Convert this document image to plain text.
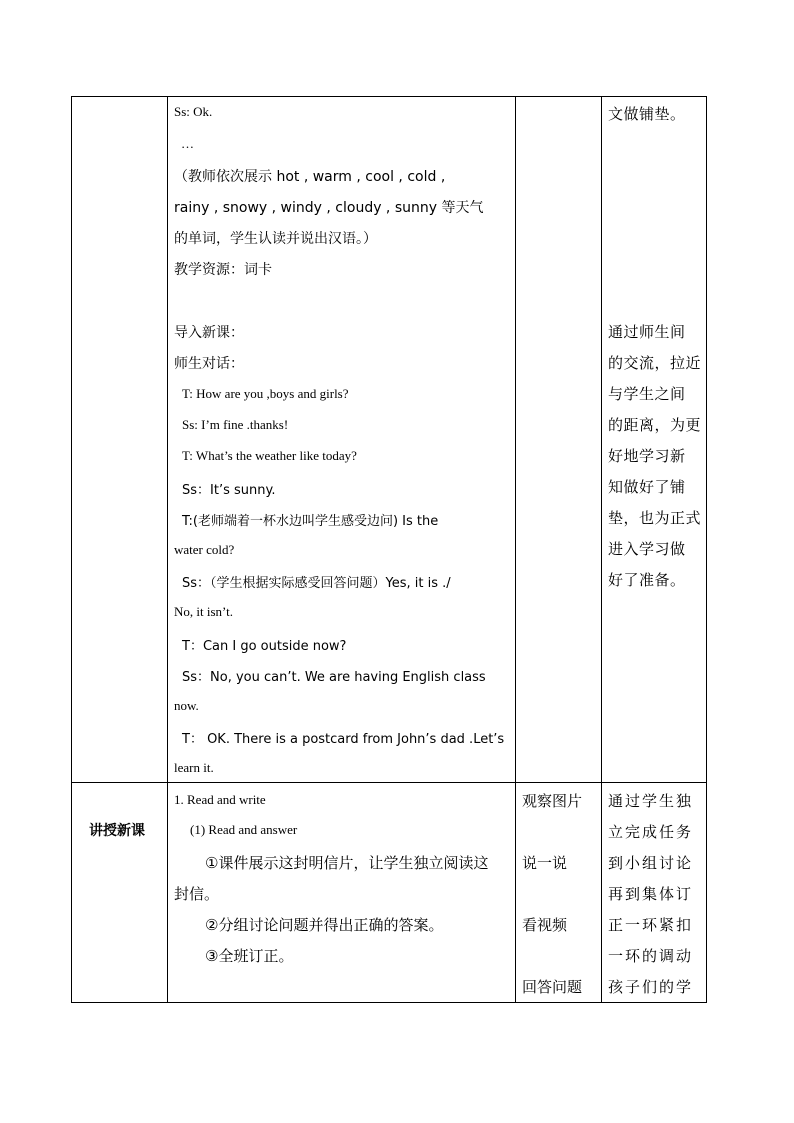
Ss: Ok.
…
（教师依次展示 hot , warm , cool , cold ,
rainy , snowy , windy , cloudy , sunny 等天气
的单词，学生认读并说出汉语。）
教学资源：词卡
导入新课：
师生对话：
T: How are you ,boys and girls?
Ss: I’m fine .thanks!
T: What’s the weather like today?
Ss：It’s sunny.
T:(老师端着一杯水边叫学生感受边问) Is the
water cold?
Ss：（学生根据实际感受回答问题）Yes, it is ./
No, it isn’t.
T：Can I go outside now?
Ss：No, you can’t. We are having English class
now.
T： OK. There is a postcard from John’s dad .Let’s
learn it.
文做铺垫。
通过师生间
的交流，拉近
与学生之间
的距离，为更
好地学习新
知做好了铺
垫，也为正式
进入学习做
好了准备。
讲授新课
1. Read and write
(1) Read and answer
①课件展示这封明信片，让学生独立阅读这
封信。
②分组讨论问题并得出正确的答案。
③全班订正。
观察图片
说一说
看视频
回答问题
通过学生独
立完成任务
到小组讨论
再到集体订
正一环紧扣
一环的调动
孩子们的学
